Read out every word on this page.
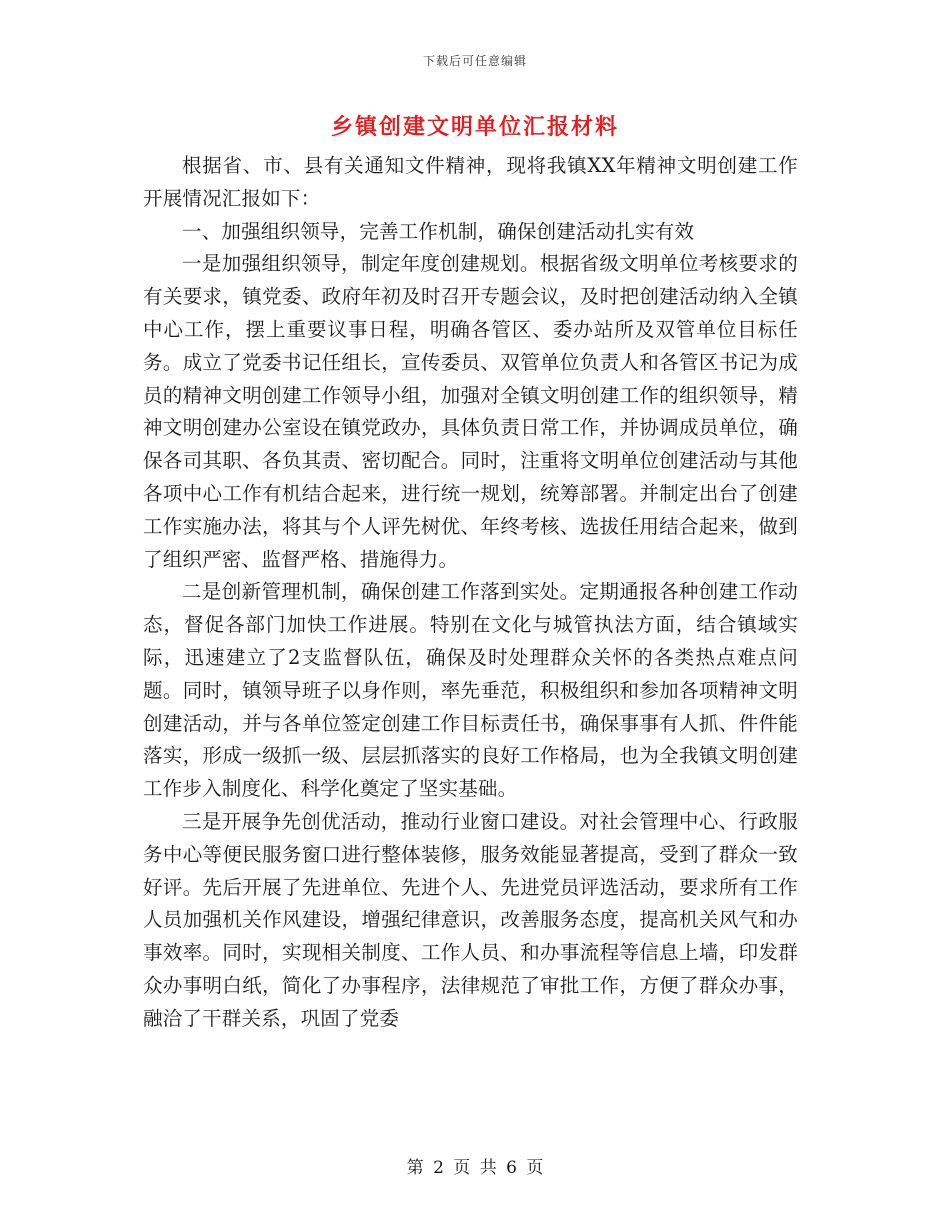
下载后可任意编辑
乡镇创建文明单位汇报材料

根据省、市、县有关通知文件精神，现将我镇XX年精神文明创建工作开展情况汇报如下：

一、加强组织领导，完善工作机制，确保创建活动扎实有效

一是加强组织领导，制定年度创建规划。根据省级文明单位考核要求的有关要求，镇党委、政府年初及时召开专题会议，及时把创建活动纳入全镇中心工作，摆上重要议事日程，明确各管区、委办站所及双管单位目标任务。成立了党委书记任组长，宣传委员、双管单位负责人和各管区书记为成员的精神文明创建工作领导小组，加强对全镇文明创建工作的组织领导，精神文明创建办公室设在镇党政办，具体负责日常工作，并协调成员单位，确保各司其职、各负其责、密切配合。同时，注重将文明单位创建活动与其他各项中心工作有机结合起来，进行统一规划，统筹部署。并制定出台了创建工作实施办法，将其与个人评先树优、年终考核、选拔任用结合起来，做到了组织严密、监督严格、措施得力。

二是创新管理机制，确保创建工作落到实处。定期通报各种创建工作动态，督促各部门加快工作进展。特别在文化与城管执法方面，结合镇域实际，迅速建立了2支监督队伍，确保及时处理群众关怀的各类热点难点问题。同时，镇领导班子以身作则，率先垂范，积极组织和参加各项精神文明创建活动，并与各单位签定创建工作目标责任书，确保事事有人抓、件件能落实，形成一级抓一级、层层抓落实的良好工作格局，也为全我镇文明创建工作步入制度化、科学化奠定了坚实基础。

三是开展争先创优活动，推动行业窗口建设。对社会管理中心、行政服务中心等便民服务窗口进行整体装修，服务效能显著提高，受到了群众一致好评。先后开展了先进单位、先进个人、先进党员评选活动，要求所有工作人员加强机关作风建设，增强纪律意识，改善服务态度，提高机关风气和办事效率。同时，实现相关制度、工作人员、和办事流程等信息上墙，印发群众办事明白纸，简化了办事程序，法律规范了审批工作，方便了群众办事，融洽了干群关系，巩固了党委

第 2 页 共 6 页
